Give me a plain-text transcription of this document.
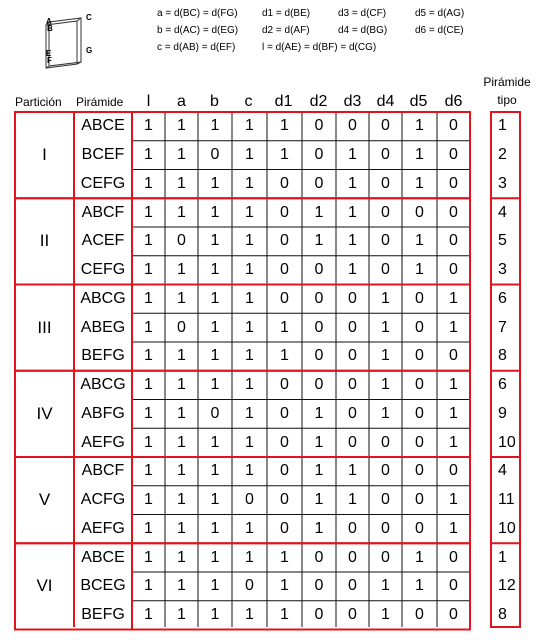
A
B
C
E
F
G
a = d(BC) = d(FG) d1 = d(BE)	d3 = d(CF)	d5 = d(AG)
b = d(AC) = d(EG) d2 = d(AF)	d4 = d(BG)	d6 = d(CE)
c = d(AB) = d(EF)	l = d(AE) = d(BF) = d(CG)
Partición Pirámide	l	a	b	c	d1	d2	d3 d4 d5	d6
Pirámide
tipo
I
ABCE	1	1	1	1	1	0	0	0	1	0	1
BCEF	1	1	0	1	1	0	1	0	1	0	2
CEFG	1	1	1	1	0	0	1	0	1	0	3
II
ABCF	1	1	1	1	0	1	1	0	0	0	4
ACEF	1	0	1	1	0	1	1	0	1	0	5
CEFG	1	1	1	1	0	0	1	0	1	0	3
III
ABCG	1	1	1	1	0	0	0	1	0	1	6
ABEG	1	0	1	1	1	0	0	1	0	1	7
BEFG	1	1	1	1	1	0	0	1	0	0	8
IV
ABCG	1	1	1	1	0	0	0	1	0	1	6
ABFG	1	1	0	1	0	1	0	1	0	1	9
AEFG	1	1	1	1	0	1	0	0	0	1	10
V
ABCF	1	1	1	1	0	1	1	0	0	0	4
ACFG	1	1	1	0	0	1	1	0	0	1	11
AEFG	1	1	1	1	0	1	0	0	0	1	10
VI
ABCE	1	1	1	1	1	0	0	0	1	0	1
BCEG	1	1	1	0	1	0	0	1	1	0	12
BEFG	1	1	1	1	1	0	0	1	0	0	8
